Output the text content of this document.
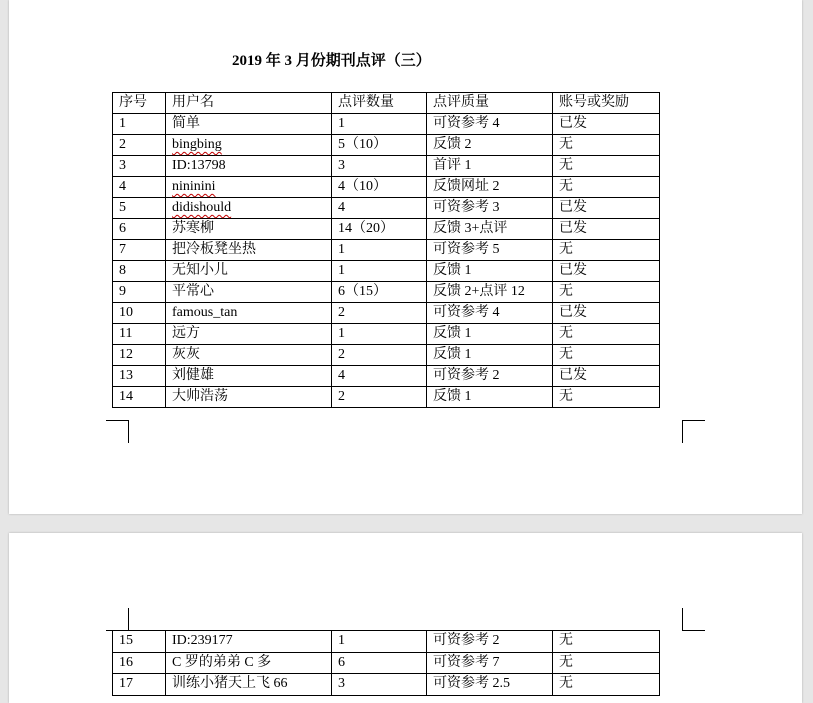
2019 年 3 月份期刊点评（三）
序号	用户名	点评数量	点评质量	账号或奖励
1	简单	1	可资参考 4	已发
2	bingbing	5（10）	反馈 2	无
3	ID:13798	3	首评 1	无
4	nininini	4（10）	反馈网址 2	无
5	didishould	4	可资参考 3	已发
6	苏寒柳	14（20）	反馈 3+点评	已发
7	把冷板凳坐热	1	可资参考 5	无
8	无知小儿	1	反馈 1	已发
9	平常心	6（15）	反馈 2+点评 12	无
10	famous_tan	2	可资参考 4	已发
11	远方	1	反馈 1	无
12	灰灰	2	反馈 1	无
13	刘健雄	4	可资参考 2	已发
14	大帅浩荡	2	反馈 1	无
15	ID:239177	1	可资参考 2	无
16	C 罗的弟弟 C 多	6	可资参考 7	无
17	训练小猪天上飞 66	3	可资参考 2.5	无
